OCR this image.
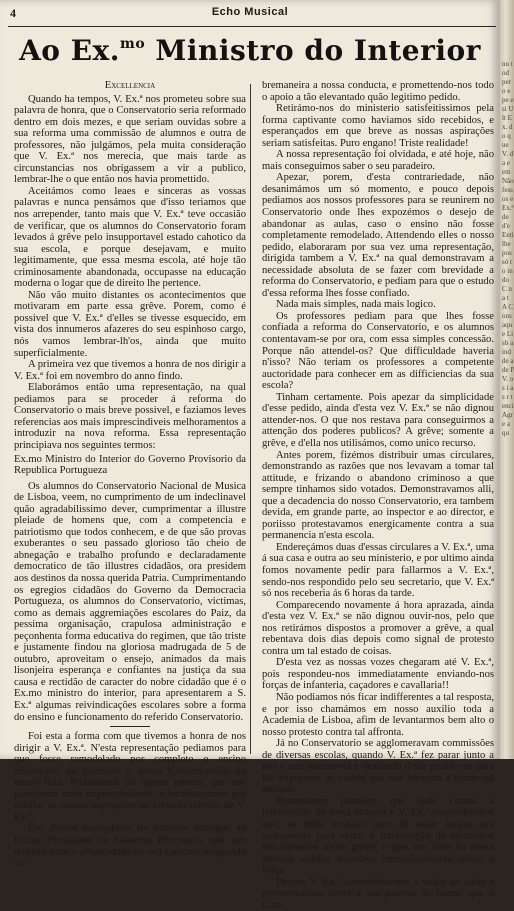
4	Echo Musical
Ao Ex.$^{mo}$ Ministro do Interior

Excellencia

Quando ha tempos, V. Ex.ª nos prometeu sobre sua palavra de honra, que o Conservatorio seria reformado dentro em dois mezes, e que seriam ouvidas sobre a sua reforma uma commissão de alumnos e outra de professores, não julgámos, pela muita consideração que V. Ex.ª nos merecia, que mais tarde as circunstancias nos obrigassem a vir a publico, lembrar-lhe o que então nos havia promettido.

Aceitámos como leaes e sinceras as vossas palavras e nunca pensámos que d'isso teriamos que nos arrepender, tanto mais que V. Ex.ª teve occasião de verificar, que os alumnos do Conservatorio foram levados á grêve pelo insupportavel estado cahotico da sua escola, e porque desejavam, e muito legitimamente, que essa mesma escola, até hoje tão criminosamente abandonada, occupasse na educação moderna o logar que de direito lhe pertence.

Não vão muito distantes os acontecimentos que motivaram em parte essa grêve. Porem, como é possivel que V. Ex.ª d'elles se tivesse esquecido, em vista dos innumeros afazeres do seu espinhoso cargo, nós vamos lembrar-lh'os, ainda que muito superficialmente.

A primeira vez que tivemos a honra de nos dirigir a V. Ex.ª foi em novembro do anno findo.

Elaborámos então uma representação, na qual pediamos para se proceder á reforma do Conservatorio o mais breve possivel, e faziamos leves referencias aos mais imprescindiveis melhoramentos a introduzir na nova reforma. Essa representação principiava nos seguintes termos:

Ex.mo Ministro do Interior do Governo Provisorio da Republica Portugueza

Os alumnos do Conservatorio Nacional de Musica de Lisboa, veem, no cumprimento de um indeclinavel quão agradabilissimo dever, cumprimentar a illustre pleiade de homens que, com a competencia e patriotismo que todos conhecem, e de que são provas exuberantes o seu passado glorioso tão cheio de abnegação e trabalho profundo e declaradamente democratico de tão illustres cidadãos, ora presidem aos destinos da nossa querida Patria. Cumprimentando os egregios cidadãos do Governo da Democracia Portugueza, os alumnos do Conservatorio, victimas, como as demais aggremiações escolares do Paiz, da pessima organisação, crapulosa administração e peçonhenta forma educativa do regimen, que tão triste e justamente findou na gloriosa madrugada de 5 de outubro, aproveitam o ensejo, animados da mais lisonjeira esperança e confiantes na justiça da sua causa e rectidão de caracter do nobre cidadão que é o Ex.mo ministro do interior, para apresentarem a S. Ex.ª algumas reivindicações escolares sobre a forma do ensino e funcionamento do referido Conservatorio.

Foi esta a forma com que tivemos a honra de nos dirigir a V. Ex.ª. N'esta representação pediamos para que fosse remodelado por completo o ensino ministrado no primeiro e unico Conservatorio do nosso Paiz. Frizavamos ali alguns pontos, que nos pareceram mais imprescindiveis, e terminavamos por confiar as nossas aspirações ao elevado critério de V. Ex.ª.

Um d'estes exemplares foi também entregue ao Ex.mo Presidente do Governo Provisorio, que nos recebeu com a affabilidade do seu caracter, elogiando so-

bremaneira a nossa conducta, e promettendo-nos todo o apoio a tão elevantado quão legitimo pedido.

Retirámo-nos do ministerio satisfeitissimos pela forma captivante como haviamos sido recebidos, e esperançados em que breve as nossas aspirações seriam satisfeitas. Puro engano! Triste realidade!

A nossa representação foi olvidada, e até hoje, não mais conseguimos saber o seu paradeiro.

Apezar, porem, d'esta contrariedade, não desanimámos um só momento, e pouco depois pediamos aos nossos professores para se reunirem no Conservatorio onde lhes expozémos o desejo de abandonar as aulas, caso o ensino não fosse completamente remodelado. Attendendo elles o nosso pedido, elaboraram por sua vez uma representação, dirigida tambem a V. Ex.ª na qual demonstravam a necessidade absoluta de se fazer com brevidade a reforma do Conservatorio, e pediam para que o estudo d'essa reforma lhes fosse confiado.

Nada mais simples, nada mais logico.

Os professores pediam para que lhes fosse confiada a reforma do Conservatorio, e os alumnos contentavam-se por ora, com essa simples concessão. Porque não attendel-os? Que difficuldade haveria n'isso? Não teriam os professores a competente auctoridade para conhecer em as difficiencias da sua escola?

Tinham certamente. Pois apezar da simplicidade d'esse pedido, ainda d'esta vez V. Ex.ª se não dignou attender-nos. O que nos restava para conseguirmos a attenção dos poderes publicos? A grêve; somente a grêve, e d'ella nos utilisámos, como unico recurso.

Antes porem, fizémos distribuir umas circulares, demonstrando as razões que nos levavam a tomar tal attitude, e frizando o abandono criminoso a que sempre tinhamos sido votados. Demonstravamos alli, que a decadencia do nosso Conservatorio, era tambem devida, em grande parte, ao inspector e ao director, e poriisso protestavamos energicamente contra a sua permanencia n'esta escola.

Endereçámos duas d'essas circulares a V. Ex.ª, uma á sua casa e outra ao seu ministerio, e por ultimo ainda fomos novamente pedir para fallarmos a V. Ex.ª, sendo-nos respondido pelo seu secretario, que V. Ex.ª só nos receberia ás 6 horas da tarde.

Comparecendo novamente á hora aprazada, ainda d'esta vez V. Ex.ª se não dignou ouvir-nos, pelo que nos retirámos dispostos a promover a grêve, a qual rebentava dois dias depois como signal de protesto contra um tal estado de coisas.

D'esta vez as nossas vozes chegaram até V. Ex.ª, pois respondeu-nos immediatamente enviando-nos forças de infanteria, caçadores e cavallaria!!

Não podiamos nós ficar indifferentes a tal resposta, e por isso chamámos em nosso auxilio toda a Academia de Lisboa, afim de levantarmos bem alto o nosso protesto contra tal affronta.

Já no Conservatorio se agglomeravam commissões de diversas escolas, quando V. Ex.ª fez parar junto a nós o seu automovel e descendo d'elle pediu-nos para lhe expormos as razões que nos levaram a tomar tal attitude.

Protestámos primeiro que tudo contra a intervenção da força armada e V. Ex.ª respondeu-nos que, se tinha enviado para ali essas forças, era unicamente para evitar a intervenção de elementos reaccionarios n'esta grêve, e que, em vista da nossa attitude ordeira, mandava immediatamente retirar a força.

Depois V. Ex.ª aconselhou-nos a voltar ás aulas e prometteu-nos sobre a sua palavra de honra, que o Con-

nu tod per o e pe esi Ult Ex. do que V. da e em Não fess os e Ex.ª de d'e Enti lhe pos só t o in do C na t A Cons aque Lisb aind de a de P V. os i as r tenci Agre a qu
